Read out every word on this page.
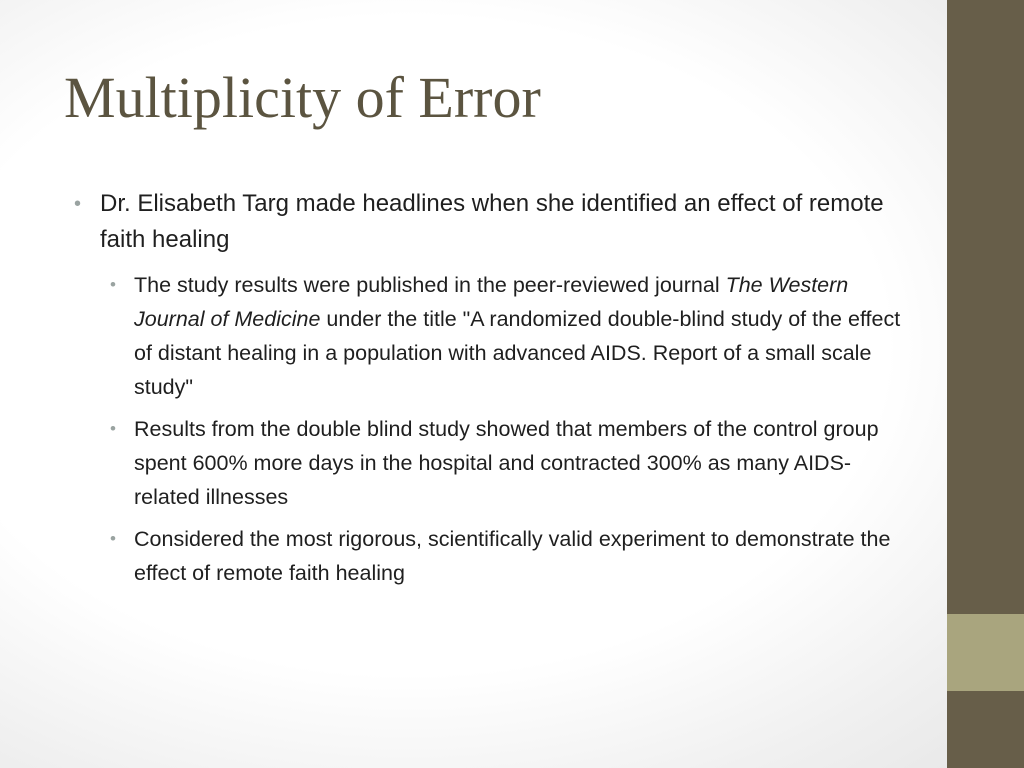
Multiplicity of Error
• Dr. Elisabeth Targ made headlines when she identified an effect of remote faith healing
• The study results were published in the peer-reviewed journal The Western Journal of Medicine under the title "A randomized double-blind study of the effect of distant healing in a population with advanced AIDS. Report of a small scale study"
• Results from the double blind study showed that members of the control group spent 600% more days in the hospital and contracted 300% as many AIDS-related illnesses
• Considered the most rigorous, scientifically valid experiment to demonstrate the effect of remote faith healing
